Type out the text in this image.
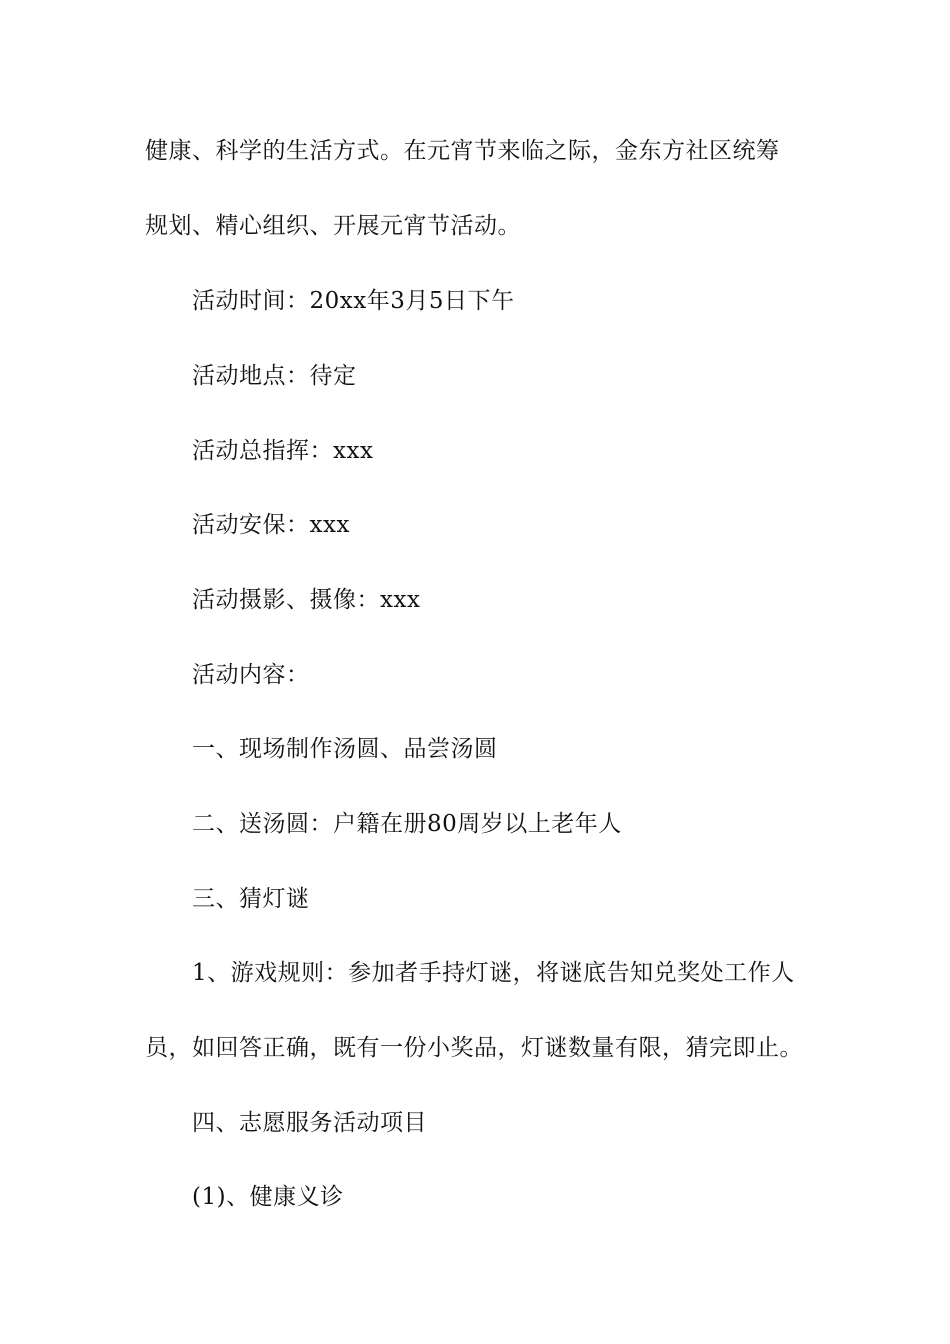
健康、科学的生活方式。在元宵节来临之际，金东方社区统筹
规划、精心组织、开展元宵节活动。
活动时间：20xx年3月5日下午
活动地点：待定
活动总指挥：xxx
活动安保：xxx
活动摄影、摄像：xxx
活动内容：
一、现场制作汤圆、品尝汤圆
二、送汤圆：户籍在册80周岁以上老年人
三、猜灯谜
1、游戏规则：参加者手持灯谜，将谜底告知兑奖处工作人
员，如回答正确，既有一份小奖品，灯谜数量有限，猜完即止。
四、志愿服务活动项目
(1)、健康义诊
